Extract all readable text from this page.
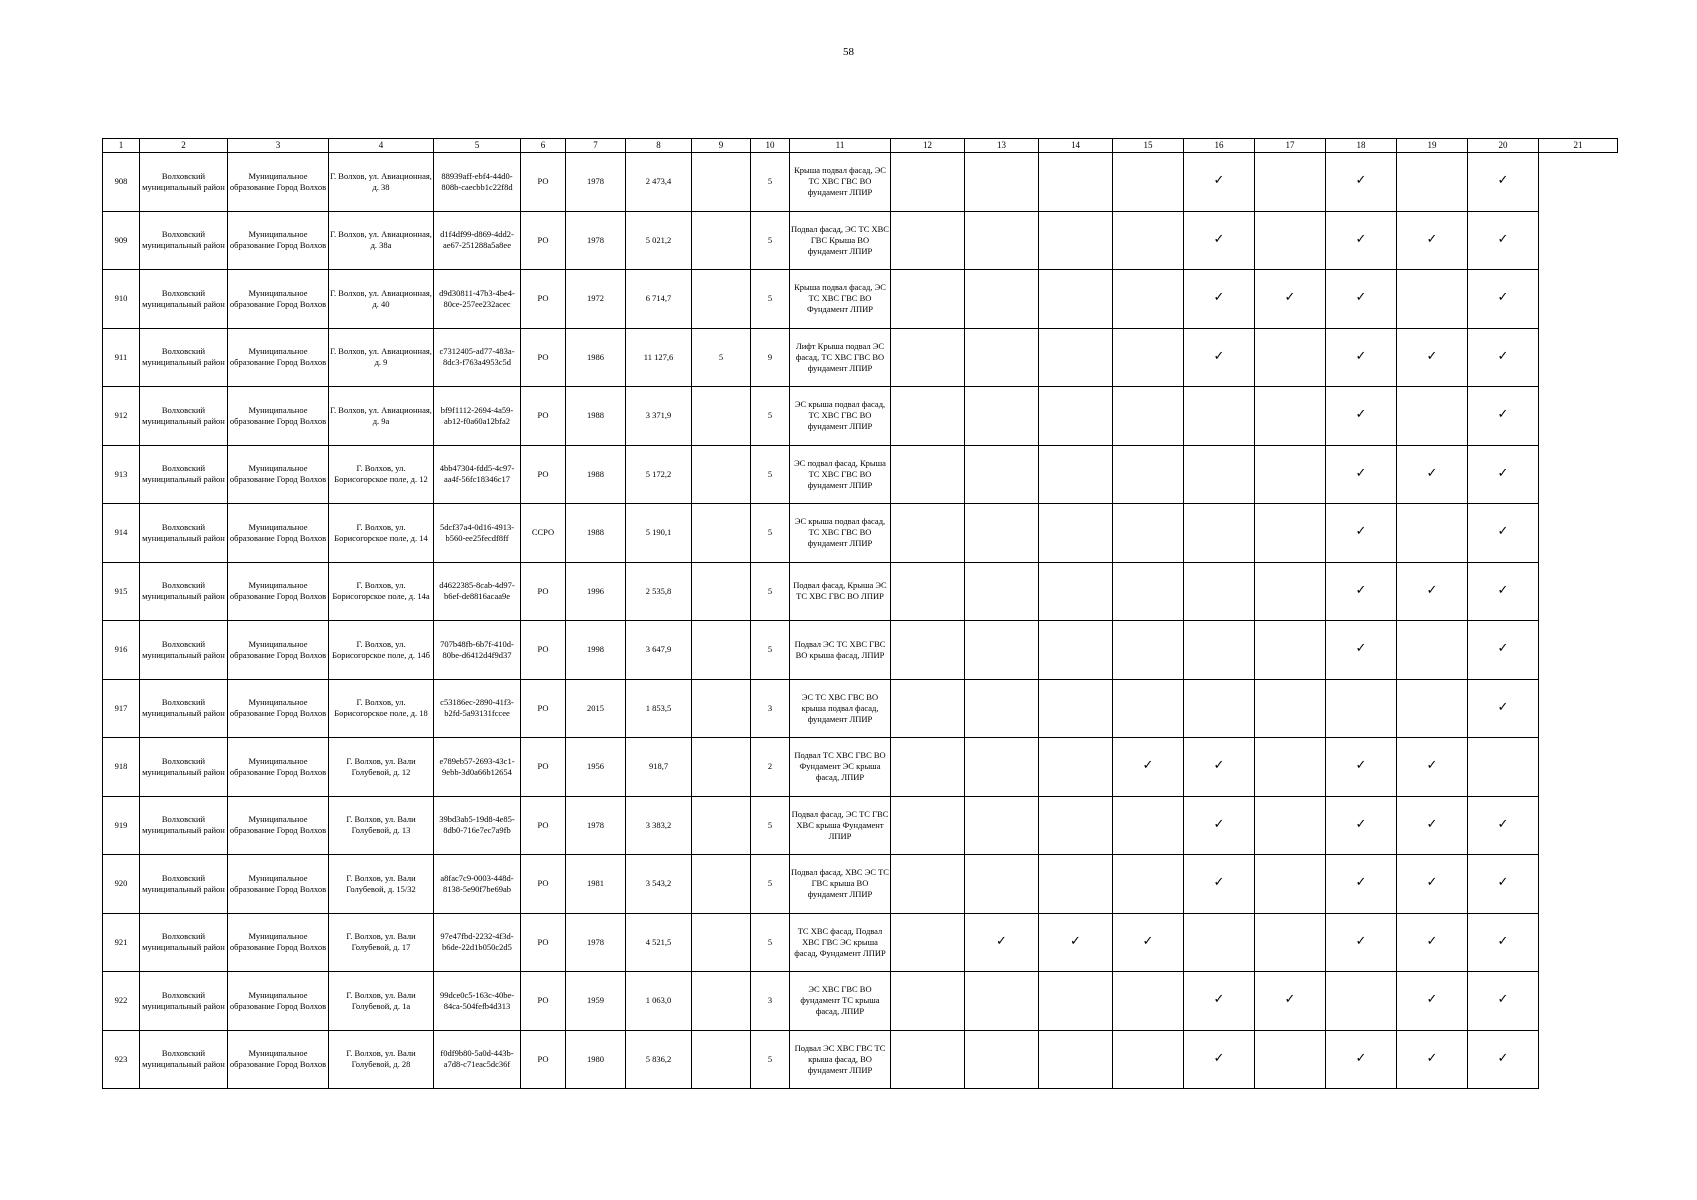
58
1	2	3	4	5	6	7	8	9	10	11	12	13	14	15	16	17	18	19	20	21
908	Волховский муниципальный район	Муниципальное образование Город Волхов	Г. Волхов, ул. Авиационная, д. 38	88939aff-ebf4-44d0-808b-caecbb1c22f8d	РО	1978	2 473,4		5	Крыша подвал фасад, ЭС ТС ХВС ГВС ВО фундамент ЛПИР					✓		✓		✓	
909	Волховский муниципальный район	Муниципальное образование Город Волхов	Г. Волхов, ул. Авиационная, д. 38а	d1f4df99-d869-4dd2-ae67-251288a5a8ee	РО	1978	5 021,2		5	Подвал фасад, ЭС ТС ХВС ГВС Крыша ВО фундамент ЛПИР					✓		✓	✓	✓	
910	Волховский муниципальный район	Муниципальное образование Город Волхов	Г. Волхов, ул. Авиационная, д. 40	d9d30811-47b3-4be4-80ce-257ee232acec	РО	1972	6 714,7		5	Крыша подвал фасад, ЭС ТС ХВС ГВС ВО Фундамент ЛПИР					✓	✓	✓		✓	
911	Волховский муниципальный район	Муниципальное образование Город Волхов	Г. Волхов, ул. Авиационная, д. 9	c7312405-ad77-483a-8dc3-f763a4953c5d	РО	1986	11 127,6	5	9	Лифт Крыша подвал ЭС фасад, ТС ХВС ГВС ВО фундамент ЛПИР					✓		✓	✓	✓	
912	Волховский муниципальный район	Муниципальное образование Город Волхов	Г. Волхов, ул. Авиационная, д. 9а	bf9f1112-2694-4a59-ab12-f0a60a12bfa2	РО	1988	3 371,9		5	ЭС крыша подвал фасад, ТС ХВС ГВС ВО фундамент ЛПИР							✓		✓	
913	Волховский муниципальный район	Муниципальное образование Город Волхов	Г. Волхов, ул. Борисогорское поле, д. 12	4bb47304-fdd5-4c97-aa4f-56fc18346c17	РО	1988	5 172,2		5	ЭС подвал фасад, Крыша ТС ХВС ГВС ВО фундамент ЛПИР							✓	✓	✓	
914	Волховский муниципальный район	Муниципальное образование Город Волхов	Г. Волхов, ул. Борисогорское поле, д. 14	5dcf37a4-0d16-4913-b560-ee25fecdf8ff	ССРО	1988	5 190,1		5	ЭС крыша подвал фасад, ТС ХВС ГВС ВО фундамент ЛПИР							✓		✓	
915	Волховский муниципальный район	Муниципальное образование Город Волхов	Г. Волхов, ул. Борисогорское поле, д. 14а	d4622385-8cab-4d97-b6ef-de8816acaa9e	РО	1996	2 535,8		5	Подвал фасад, Крыша ЭС ТС ХВС ГВС ВО ЛПИР							✓	✓	✓	
916	Волховский муниципальный район	Муниципальное образование Город Волхов	Г. Волхов, ул. Борисогорское поле, д. 14б	707b48fb-6b7f-410d-80be-d6412d4f9d37	РО	1998	3 647,9		5	Подвал ЭС ТС ХВС ГВС ВО крыша фасад, ЛПИР							✓		✓	
917	Волховский муниципальный район	Муниципальное образование Город Волхов	Г. Волхов, ул. Борисогорское поле, д. 18	c53186ec-2890-41f3-b2fd-5a93131fccee	РО	2015	1 853,5		3	ЭС ТС ХВС ГВС ВО крыша подвал фасад, фундамент ЛПИР									✓	
918	Волховский муниципальный район	Муниципальное образование Город Волхов	Г. Волхов, ул. Вали Голубевой, д. 12	e789eb57-2693-43c1-9ebb-3d0a66b12654	РО	1956	918,7		2	Подвал ТС ХВС ГВС ВО Фундамент ЭС крыша фасад, ЛПИР				✓	✓		✓	✓		
919	Волховский муниципальный район	Муниципальное образование Город Волхов	Г. Волхов, ул. Вали Голубевой, д. 13	39bd3ab5-19d8-4e85-8db0-716e7ec7a9fb	РО	1978	3 383,2		5	Подвал фасад, ЭС ТС ГВС ХВС крыша Фундамент ЛПИР					✓		✓	✓	✓	
920	Волховский муниципальный район	Муниципальное образование Город Волхов	Г. Волхов, ул. Вали Голубевой, д. 15/32	a8fac7c9-0003-448d-8138-5e90f7be69ab	РО	1981	3 543,2		5	Подвал фасад, ХВС ЭС ТС ГВС крыша ВО фундамент ЛПИР					✓		✓	✓	✓	
921	Волховский муниципальный район	Муниципальное образование Город Волхов	Г. Волхов, ул. Вали Голубевой, д. 17	97e47fbd-2232-4f3d-b6de-22d1b050c2d5	РО	1978	4 521,5		5	ТС ХВС фасад, Подвал ХВС ГВС ЭС крыша фасад, Фундамент ЛПИР		✓	✓	✓			✓	✓	✓	
922	Волховский муниципальный район	Муниципальное образование Город Волхов	Г. Волхов, ул. Вали Голубевой, д. 1а	99dce0c5-163c-40be-84ca-504fefb4d313	РО	1959	1 063,0		3	ЭС ХВС ГВС ВО фундамент ТС крыша фасад, ЛПИР					✓	✓		✓	✓	
923	Волховский муниципальный район	Муниципальное образование Город Волхов	Г. Волхов, ул. Вали Голубевой, д. 28	f0df9b80-5a0d-443b-a7d8-c71eac5dc36f	РО	1980	5 836,2		5	Подвал ЭС ХВС ГВС ТС крыша фасад, ВО фундамент ЛПИР					✓		✓	✓	✓	
